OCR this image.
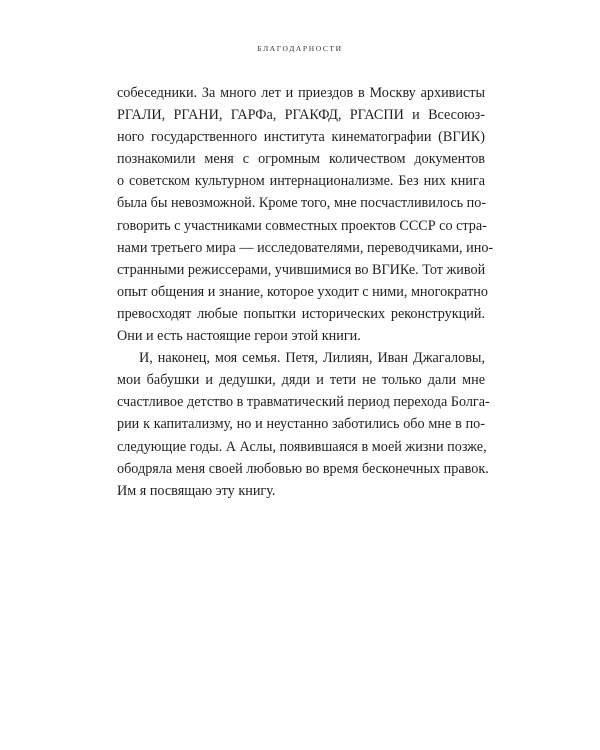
БЛАГОДАРНОСТИ

собеседники. За много лет и приездов в Москву архивисты
РГАЛИ, РГАНИ, ГАРФа, РГАКФД, РГАСПИ и Всесоюз-
ного государственного института кинематографии (ВГИК)
познакомили меня с огромным количеством документов
о советском культурном интернационализме. Без них книга
была бы невозможной. Кроме того, мне посчастливилось по-
говорить с участниками совместных проектов СССР со стра-
нами третьего мира — исследователями, переводчиками, ино-
странными режиссерами, учившимися во ВГИКе. Тот живой
опыт общения и знание, которое уходит с ними, многократно
превосходят любые попытки исторических реконструкций.
Они и есть настоящие герои этой книги.

И, наконец, моя семья. Петя, Лилиян, Иван Джагаловы,
мои бабушки и дедушки, дяди и тети не только дали мне
счастливое детство в травматический период перехода Болга-
рии к капитализму, но и неустанно заботились обо мне в по-
следующие годы. А Аслы, появившаяся в моей жизни позже,
ободряла меня своей любовью во время бесконечных правок.
Им я посвящаю эту книгу.
